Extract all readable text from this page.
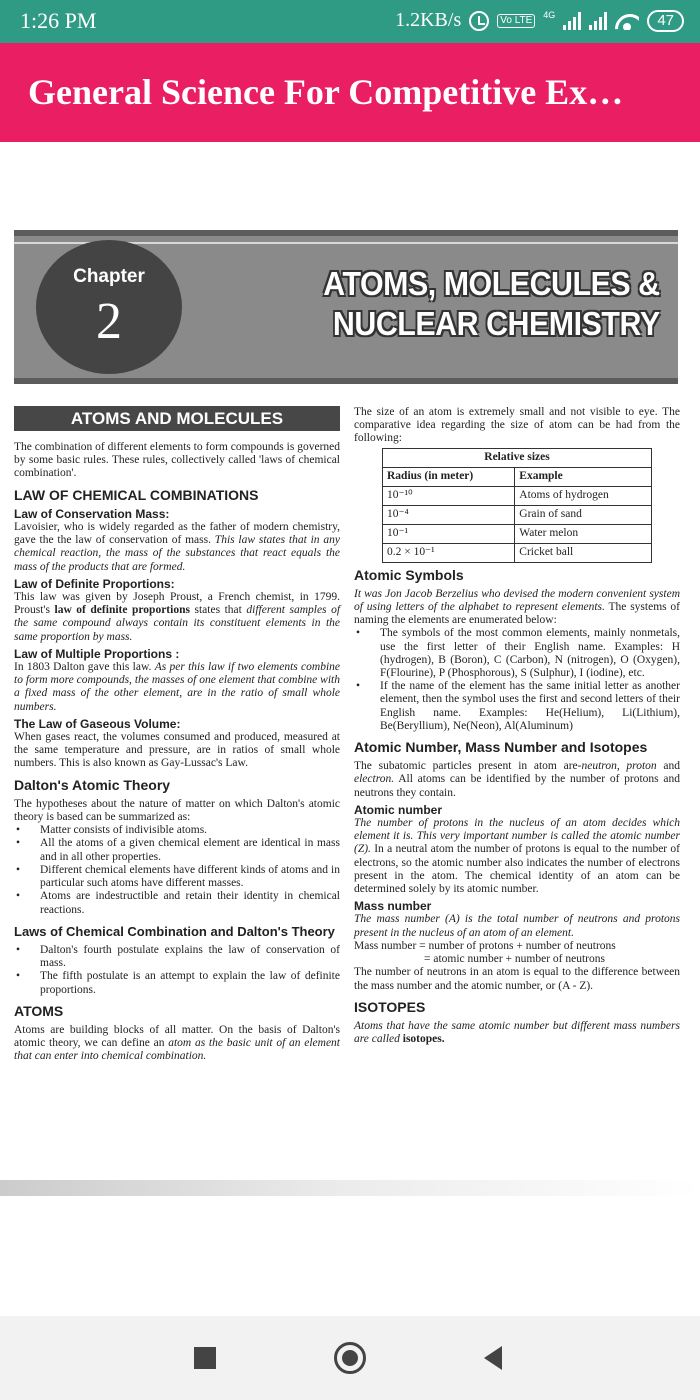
1:26 PM	1.2KB/s	Vo LTE	4G	47
General Science For Competitive Ex…
Chapter
2
ATOMS, MOLECULES &
NUCLEAR CHEMISTRY
ATOMS AND MOLECULES

The combination of different elements to form compounds is governed by some basic rules. These rules, collectively called 'laws of chemical combination'.

LAW OF CHEMICAL COMBINATIONS
Law of Conservation Mass:

Lavoisier, who is widely regarded as the father of modern chemistry, gave the the law of conservation of mass. This law states that in any chemical reaction, the mass of the substances that react equals the mass of the products that are formed.

Law of Definite Proportions:

This law was given by Joseph Proust, a French chemist, in 1799. Proust's law of definite proportions states that different samples of the same compound always contain its constituent elements in the same proportion by mass.

Law of Multiple Proportions :

In 1803 Dalton gave this law. As per this law if two elements combine to form more compounds, the masses of one element that combine with a fixed mass of the other element, are in the ratio of small whole numbers.

The Law of Gaseous Volume:

When gases react, the volumes consumed and produced, measured at the same temperature and pressure, are in ratios of small whole numbers. This is also known as Gay-Lussac's Law.

Dalton's Atomic Theory

The hypotheses about the nature of matter on which Dalton's atomic theory is based can be summarized as:

• Matter consists of indivisible atoms.
• All the atoms of a given chemical element are identical in mass and in all other properties.
• Different chemical elements have different kinds of atoms and in particular such atoms have different masses.
• Atoms are indestructible and retain their identity in chemical reactions.
Laws of Chemical Combination and Dalton's Theory
• Dalton's fourth postulate explains the law of conservation of mass.
• The fifth postulate is an attempt to explain the law of definite proportions.
ATOMS

Atoms are building blocks of all matter. On the basis of Dalton's atomic theory, we can define an atom as the basic unit of an element that can enter into chemical combination.

The size of an atom is extremely small and not visible to eye. The comparative idea regarding the size of atom can be had from the following:

Relative sizes	
Radius (in meter)	Example
10⁻¹⁰	Atoms of hydrogen
10⁻⁴	Grain of sand
10⁻¹	Water melon
0.2 × 10⁻¹	Cricket ball
Atomic Symbols

It was Jon Jacob Berzelius who devised the modern convenient system of using letters of the alphabet to represent elements. The systems of naming the elements are enumerated below:

• The symbols of the most common elements, mainly nonmetals, use the first letter of their English name. Examples: H (hydrogen), B (Boron), C (Carbon), N (nitrogen), O (Oxygen), F(Flourine), P (Phosphorous), S (Sulphur), I (iodine), etc.
• If the name of the element has the same initial letter as another element, then the symbol uses the first and second letters of their English name. Examples: He(Helium), Li(Lithium), Be(Beryllium), Ne(Neon), Al(Aluminum)
Atomic Number, Mass Number and Isotopes

The subatomic particles present in atom are-neutron, proton and electron. All atoms can be identified by the number of protons and neutrons they contain.

Atomic number

The number of protons in the nucleus of an atom decides which element it is. This very important number is called the atomic number (Z). In a neutral atom the number of protons is equal to the number of electrons, so the atomic number also indicates the number of electrons present in the atom. The chemical identity of an atom can be determined solely by its atomic number.

Mass number

The mass number (A) is the total number of neutrons and protons present in the nucleus of an atom of an element.

Mass number = number of protons + number of neutrons

= atomic number + number of neutrons

The number of neutrons in an atom is equal to the difference between the mass number and the atomic number, or (A - Z).

ISOTOPES

Atoms that have the same atomic number but different mass numbers are called isotopes.
